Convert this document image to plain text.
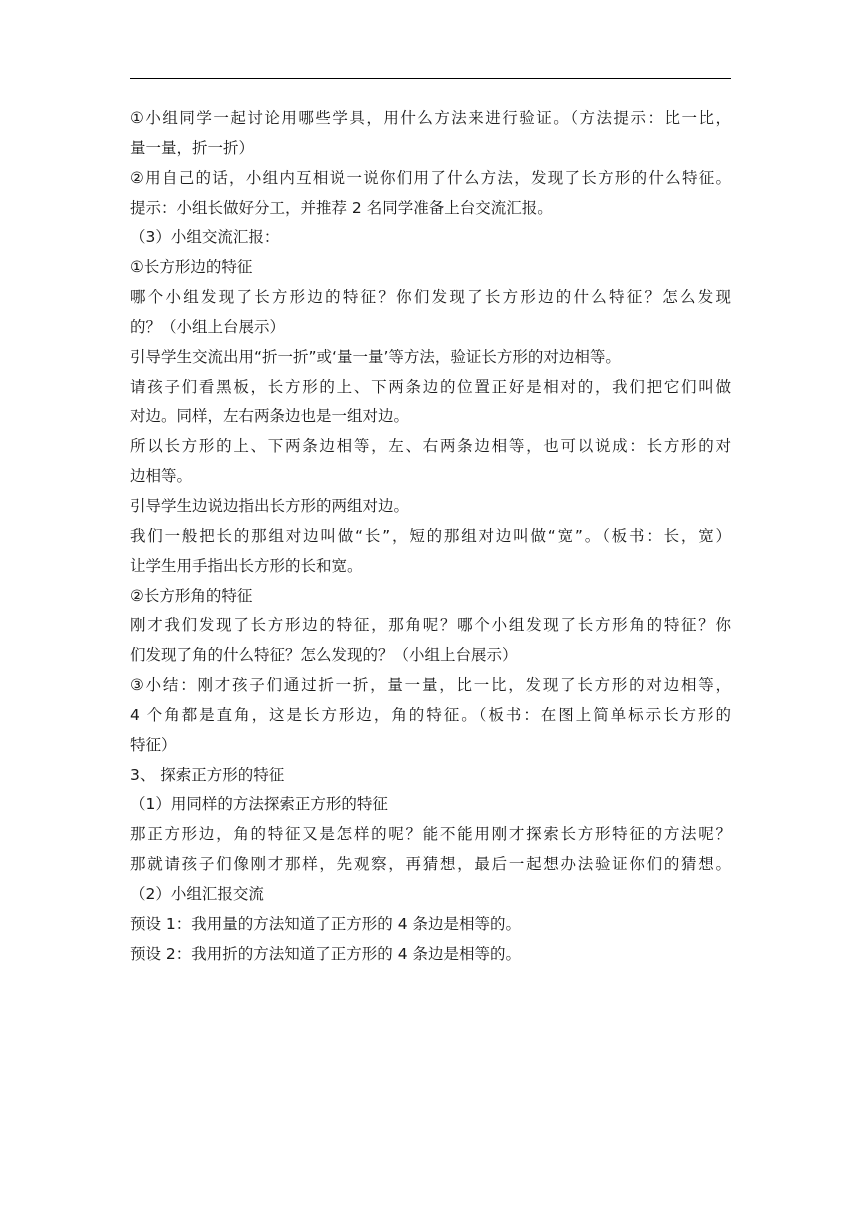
①小组同学一起讨论用哪些学具，用什么方法来进行验证。（方法提示：比一比，
量一量，折一折）
②用自己的话，小组内互相说一说你们用了什么方法，发现了长方形的什么特征。
提示：小组长做好分工，并推荐 2 名同学准备上台交流汇报。
（3）小组交流汇报：
①长方形边的特征
哪个小组发现了长方形边的特征？你们发现了长方形边的什么特征？怎么发现
的？（小组上台展示）
引导学生交流出用“折一折”或‘量一量’等方法，验证长方形的对边相等。
请孩子们看黑板，长方形的上、下两条边的位置正好是相对的，我们把它们叫做
对边。同样，左右两条边也是一组对边。
所以长方形的上、下两条边相等，左、右两条边相等，也可以说成：长方形的对
边相等。
引导学生边说边指出长方形的两组对边。
我们一般把长的那组对边叫做“长”，短的那组对边叫做“宽”。（板书：长，宽）
让学生用手指出长方形的长和宽。
②长方形角的特征
刚才我们发现了长方形边的特征，那角呢？哪个小组发现了长方形角的特征？你
们发现了角的什么特征？怎么发现的？（小组上台展示）
③小结：刚才孩子们通过折一折，量一量，比一比，发现了长方形的对边相等，
4 个角都是直角，这是长方形边，角的特征。（板书：在图上简单标示长方形的
特征）
3、 探索正方形的特征
（1）用同样的方法探索正方形的特征
那正方形边，角的特征又是怎样的呢？能不能用刚才探索长方形特征的方法呢？
那就请孩子们像刚才那样，先观察，再猜想，最后一起想办法验证你们的猜想。
（2）小组汇报交流
预设 1：我用量的方法知道了正方形的 4 条边是相等的。
预设 2：我用折的方法知道了正方形的 4 条边是相等的。
